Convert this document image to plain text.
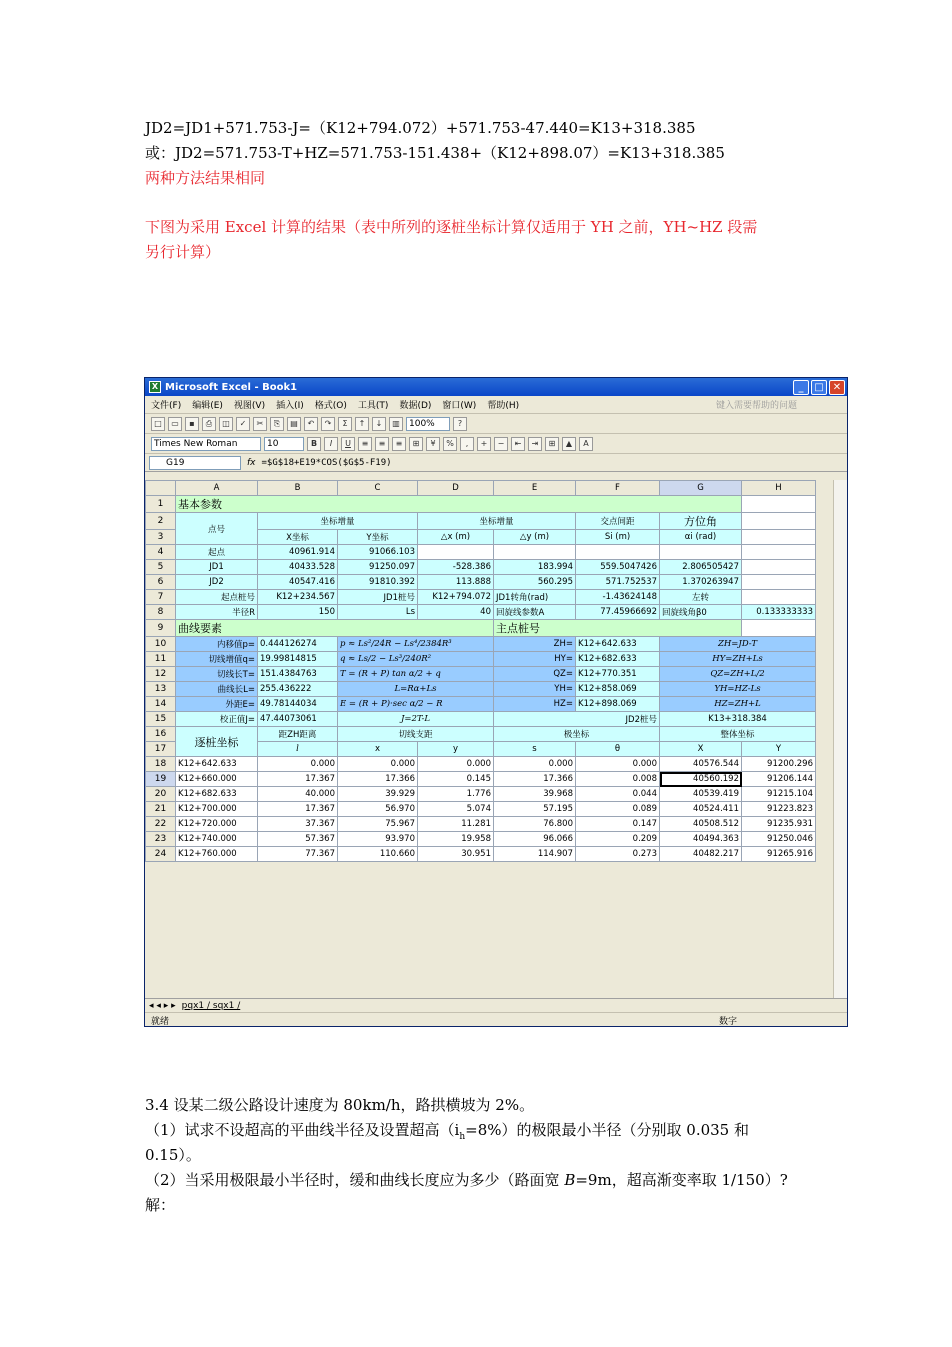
JD2=JD1+571.753-J=（K12+794.072）+571.753-47.440=K13+318.385
或：JD2=571.753-T+HZ=571.753-151.438+（K12+898.07）=K13+318.385
两种方法结果相同
下图为采用 Excel 计算的结果（表中所列的逐桩坐标计算仅适用于 YH 之前，YH~HZ 段需
另行计算）
X Microsoft Excel - Book1	_	□ ✕
文件(F) 编辑(E) 视图(V) 插入(I) 格式(O) 工具(T) 数据(D) 窗口(W) 帮助(H)	键入需要帮助的问题
□	▭	▪	⎙	◫	✓	✂	⎘	▤	↶	↷	Σ	↑	↓	▥	100%	?
Times New Roman	10	B	I	U	≡	≡	≡	⊞	¥	%	,	+	−	⇤	⇥	⊞	▲	A
G19	fx =$G$18+E19*COS($G$5-F19)
	A	B	C	D	E	F	G	H
1	基本参数							
2	点号	坐标增量		坐标增量		交点间距	方位角	
3		X坐标	Y坐标	△x (m)	△y (m)	Si (m)	αi (rad)	
4	起点	40961.914	91066.103					
5	JD1	40433.528	91250.097	-528.386	183.994	559.5047426	2.806505427	
6	JD2	40547.416	91810.392	113.888	560.295	571.752537	1.370263947	
7	起点桩号	K12+234.567	JD1桩号	K12+794.072	JD1转角(rad)	-1.43624148	左转	
8	半径R	150	Ls	40	回旋线参数A	77.45966692	回旋线角β0	0.133333333
9	曲线要素				主点桩号			
10	内移值p=	0.444126274	p ≈ Ls²/24R − Ls⁴/2384R³		ZH=	K12+642.633	ZH=JD-T	
11	切线增值q=	19.99814815	q ≈ Ls/2 − Ls³/240R²		HY=	K12+682.633	HY=ZH+Ls	
12	切线长T=	151.4384763	T = (R + P) tan α/2 + q		QZ=	K12+770.351	QZ=ZH+L/2	
13	曲线长L=	255.436222	L=Rα+Ls		YH=	K12+858.069	YH=HZ-Ls	
14	外距E=	49.78144034	E = (R + P)·sec α/2 − R		HZ=	K12+898.069	HZ=ZH+L	
15	校正值J=	47.44073061	J=2T-L		JD2桩号		K13+318.384	
16	逐桩坐标	距ZH距离	切线支距		极坐标		整体坐标	
17		l	x	y	s	θ	X	Y
18	K12+642.633	0.000	0.000	0.000	0.000	0.000	40576.544	91200.296
19	K12+660.000	17.367	17.366	0.145	17.366	0.008	40560.192	91206.144
20	K12+682.633	40.000	39.929	1.776	39.968	0.044	40539.419	91215.104
21	K12+700.000	17.367	56.970	5.074	57.195	0.089	40524.411	91223.823
22	K12+720.000	37.367	75.967	11.281	76.800	0.147	40508.512	91235.931
23	K12+740.000	57.367	93.970	19.958	96.066	0.209	40494.363	91250.046
24	K12+760.000	77.367	110.660	30.951	114.907	0.273	40482.217	91265.916
◂ ◂ ▸ ▸ pqx1 / sqx1 /
就绪	数字
3.4 设某二级公路设计速度为 80km/h，路拱横坡为 2%。
（1）试求不设超高的平曲线半径及设置超高$(i_h=8\%)$的极限最小半径（分别取 0.035 和
0.15）。
（2）当采用极限最小半径时，缓和曲线长度应为多少（路面宽 B=9m，超高渐变率取 1/150）?
解：
